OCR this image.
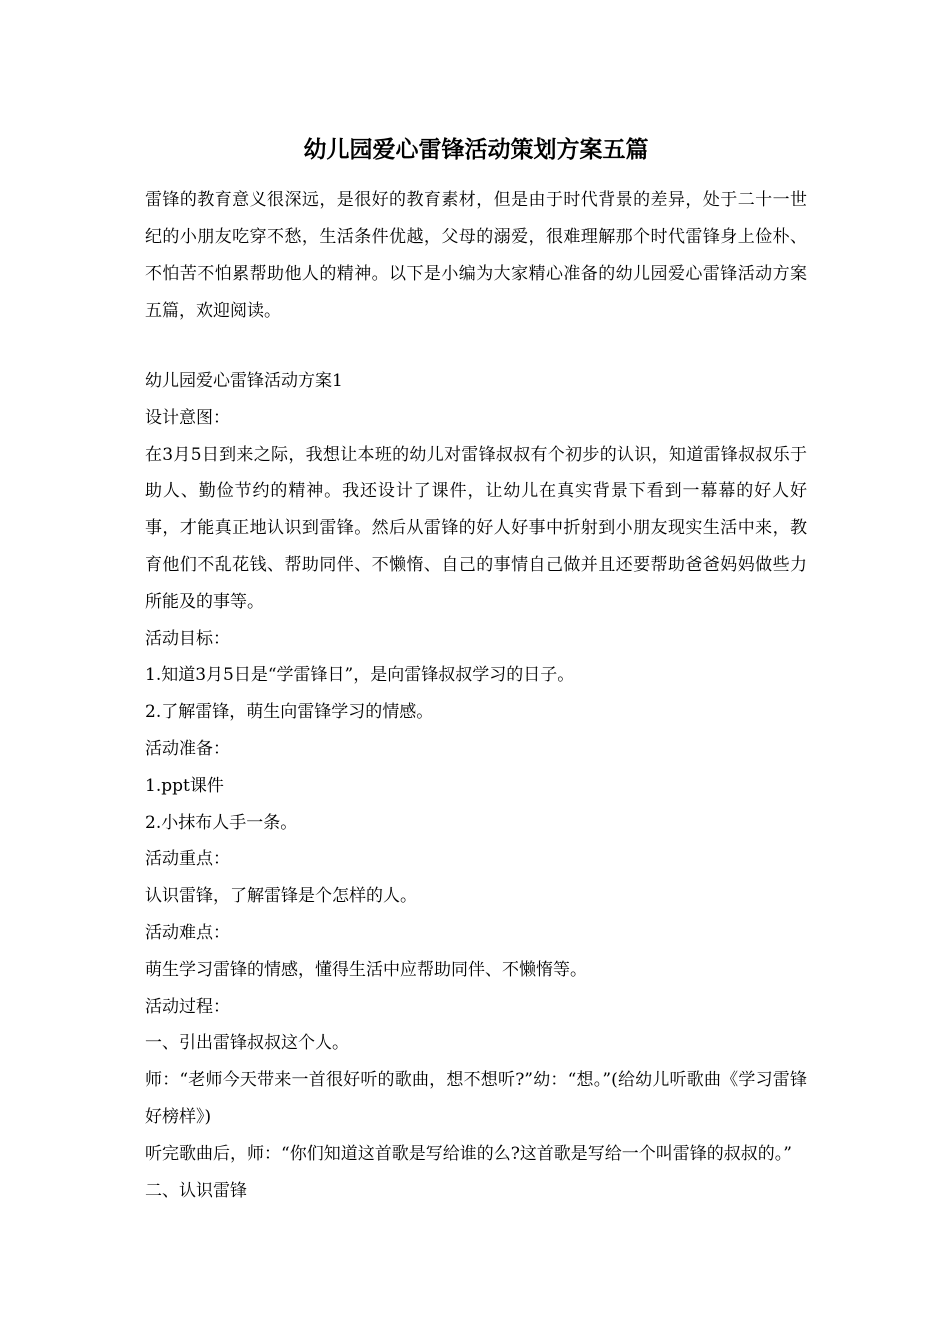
幼儿园爱心雷锋活动策划方案五篇

雷锋的教育意义很深远，是很好的教育素材，但是由于时代背景的差异，处于二十一世纪的小朋友吃穿不愁，生活条件优越，父母的溺爱，很难理解那个时代雷锋身上俭朴、不怕苦不怕累帮助他人的精神。以下是小编为大家精心准备的幼儿园爱心雷锋活动方案五篇，欢迎阅读。

幼儿园爱心雷锋活动方案1

设计意图：

在3月5日到来之际，我想让本班的幼儿对雷锋叔叔有个初步的认识，知道雷锋叔叔乐于助人、勤俭节约的精神。我还设计了课件，让幼儿在真实背景下看到一幕幕的好人好事，才能真正地认识到雷锋。然后从雷锋的好人好事中折射到小朋友现实生活中来，教育他们不乱花钱、帮助同伴、不懒惰、自己的事情自己做并且还要帮助爸爸妈妈做些力所能及的事等。

活动目标：

1.知道3月5日是“学雷锋日”，是向雷锋叔叔学习的日子。

2.了解雷锋，萌生向雷锋学习的情感。

活动准备：

1.ppt课件

2.小抹布人手一条。

活动重点：

认识雷锋，了解雷锋是个怎样的人。

活动难点：

萌生学习雷锋的情感，懂得生活中应帮助同伴、不懒惰等。

活动过程：

一、引出雷锋叔叔这个人。

师：“老师今天带来一首很好听的歌曲，想不想听?”幼：“想。”(给幼儿听歌曲《学习雷锋好榜样》)

听完歌曲后，师：“你们知道这首歌是写给谁的么?这首歌是写给一个叫雷锋的叔叔的。”

二、认识雷锋
